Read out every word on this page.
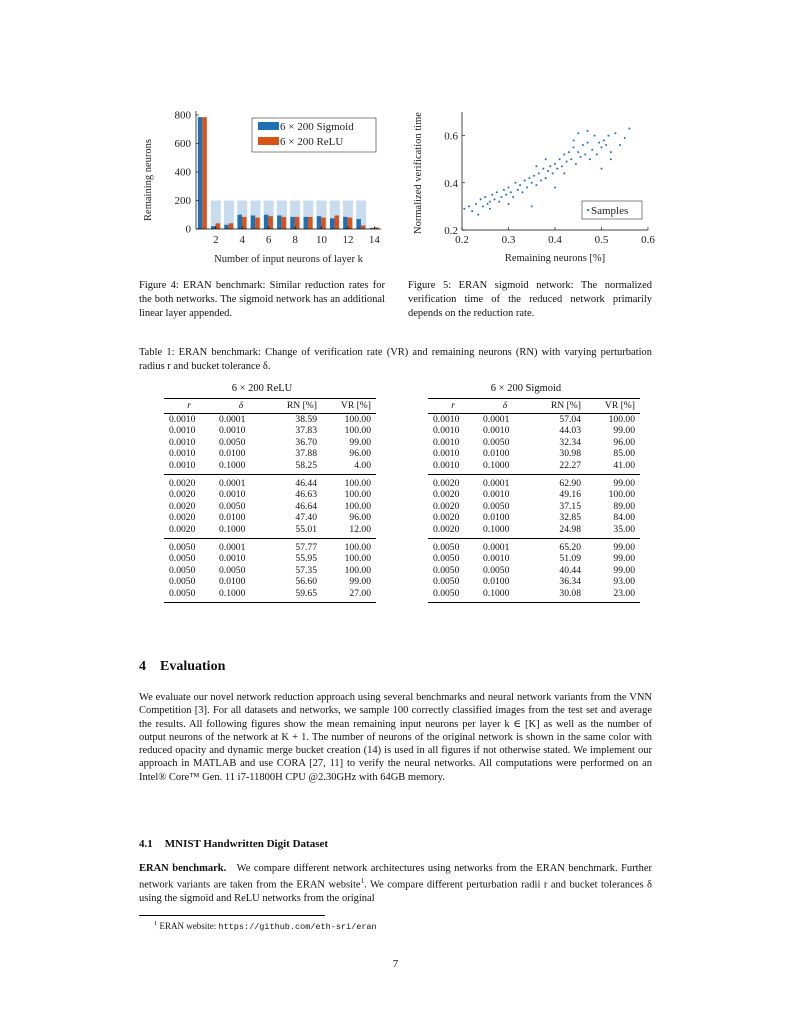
0
200
400
600
800
2 4 6 8 10 12 14
Number of input neurons of layer k
Remaining neurons
6 × 200 Sigmoid
6 × 200 ReLU
0.2	0.3	0.4	0.5	0.6
0.2
0.4
0.6
Remaining neurons [%]
Normalized verification time	Samples
Figure 4: ERAN benchmark: Similar reduction rates for the both networks. The sigmoid network has an additional linear layer appended.
Figure 5: ERAN sigmoid network: The normalized verification time of the reduced network primarily depends on the reduction rate.
Table 1: ERAN benchmark: Change of verification rate (VR) and remaining neurons (RN) with varying perturbation radius r and bucket tolerance δ.
6 × 200 ReLU	6 × 200 Sigmoid
r	δ	RN [%]	VR [%]
0.0010	0.0001	38.59	100.00
0.0010	0.0010	37.83	100.00
0.0010	0.0050	36.70	99.00
0.0010	0.0100	37.88	96.00
0.0010	0.1000	58.25	4.00
0.0020	0.0001	46.44	100.00
0.0020	0.0010	46.63	100.00
0.0020	0.0050	46.64	100.00
0.0020	0.0100	47.40	96.00
0.0020	0.1000	55.01	12.00
0.0050	0.0001	57.77	100.00
0.0050	0.0010	55.95	100.00
0.0050	0.0050	57.35	100.00
0.0050	0.0100	56.60	99.00
0.0050	0.1000	59.65	27.00
r	δ	RN [%]	VR [%]
0.0010	0.0001	57.04	100.00
0.0010	0.0010	44.03	99.00
0.0010	0.0050	32.34	96.00
0.0010	0.0100	30.98	85.00
0.0010	0.1000	22.27	41.00
0.0020	0.0001	62.90	99.00
0.0020	0.0010	49.16	100.00
0.0020	0.0050	37.15	89.00
0.0020	0.0100	32.85	84.00
0.0020	0.1000	24.98	35.00
0.0050	0.0001	65.20	99.00
0.0050	0.0010	51.09	99.00
0.0050	0.0050	40.44	99.00
0.0050	0.0100	36.34	93.00
0.0050	0.1000	30.08	23.00
4 Evaluation
We evaluate our novel network reduction approach using several benchmarks and neural network variants from the VNN Competition [3]. For all datasets and networks, we sample 100 correctly classified images from the test set and average the results. All following figures show the mean remaining input neurons per layer k ∈ [K] as well as the number of output neurons of the network at K + 1. The number of neurons of the original network is shown in the same color with reduced opacity and dynamic merge bucket creation (14) is used in all figures if not otherwise stated. We implement our approach in MATLAB and use CORA [27, 11] to verify the neural networks. All computations were performed on an Intel® Core™ Gen. 11 i7-11800H CPU @2.30GHz with 64GB memory.
4.1 MNIST Handwritten Digit Dataset
ERAN benchmark. We compare different network architectures using networks from the ERAN benchmark. Further network variants are taken from the ERAN website$^1$. We compare different perturbation radii r and bucket tolerances δ using the sigmoid and ReLU networks from the original
$^1$ ERAN website: https://github.com/eth-sri/eran
7
